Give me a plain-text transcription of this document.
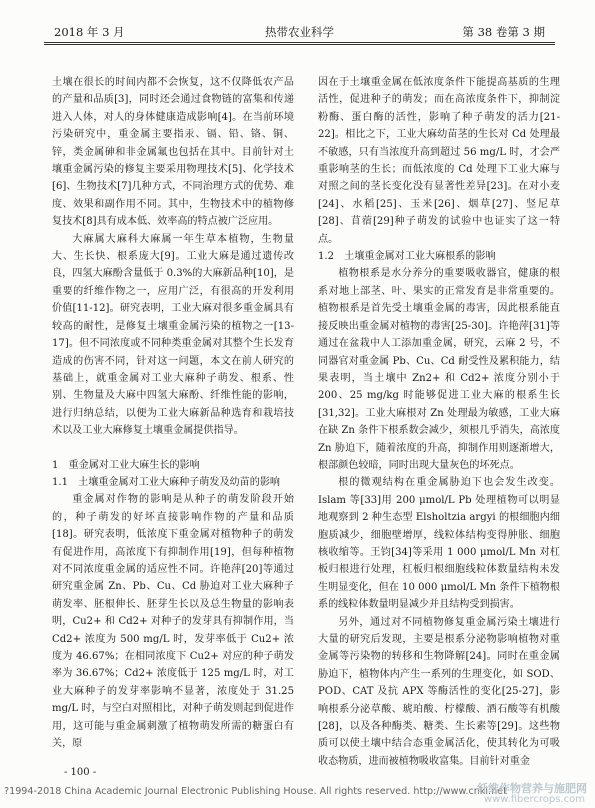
2018 年 3 月	热带农业科学	第 38 卷第 3 期

土壤在很长的时间内都不会恢复，这不仅降低农产品的产量和品质[3]，同时还会通过食物链的富集和传递进入人体，对人的身体健康造成影响[4]。在当前环境污染研究中，重金属主要指汞、镉、铅、铬、铜、锌，类金属砷和非金属氟也包括在其中。目前针对土壤重金属污染的修复主要采用物理技术[5]、化学技术[6]、生物技术[7]几种方式，不同治理方式的优势、难度、效果和副作用不同。其中，生物技术中的植物修复技术[8]具有成本低、效率高的特点被广泛应用。

大麻属大麻科大麻属一年生草本植物，生物量大、生长快、根系庞大[9]。工业大麻是通过遗传改良，四氢大麻酚含量低于 0.3%的大麻新品种[10]，是重要的纤维作物之一，应用广泛，有很高的开发利用价值[11-12]。研究表明，工业大麻对很多重金属具有较高的耐性，是修复土壤重金属污染的植物之一[13-17]。但不同浓度或不同种类重金属对其整个生长发育造成的伤害不同，针对这一问题，本文在前人研究的基础上，就重金属对工业大麻种子萌发、根系、性别、生物量及大麻中四氢大麻酚、纤维性能的影响，进行归纳总结，以便为工业大麻新品种选育和栽培技术以及工业大麻修复土壤重金属提供指导。

1　重金属对工业大麻生长的影响
1.1　土壤重金属对工业大麻种子萌发及幼苗的影响

重金属对作物的影响是从种子的萌发阶段开始的，种子萌发的好坏直接影响作物的产量和品质[18]。研究表明，低浓度下重金属对植物种子的萌发有促进作用，高浓度下有抑制作用[19]，但每种植物对不同浓度重金属的适应性不同。许艳萍[20]等通过研究重金属 Zn、Pb、Cu、Cd 胁迫对工业大麻种子萌发率、胚根伸长、胚芽生长以及总生物量的影响表明，Cu2+ 和 Cd2+ 对种子的发芽具有抑制作用，当 Cd2+ 浓度为 500 mg/L 时，发芽率低于 Cu2+ 浓度为 46.67%；在相同浓度下 Cu2+ 对应的种子萌发率为 36.67%；Cd2+ 浓度低于 125 mg/L 时，对工业大麻种子的发芽率影响不显著，浓度处于 31.25 mg/L 时，与空白对照相比，对种子萌发则起到促进作用，这可能与重金属刺激了植物萌发所需的糖蛋白有关，原

因在于土壤重金属在低浓度条件下能提高基质的生理活性，促进种子的萌发；而在高浓度条件下，抑制淀粉酶、蛋白酶的活性，影响了种子萌发的活力[21-22]。相比之下，工业大麻幼苗茎的生长对 Cd 处理最不敏感，只有当浓度升高到超过 56 mg/L 时，才会严重影响茎的生长；而低浓度的 Cd 处理下工业大麻与对照之间的茎长变化没有显著性差异[23]。在对小麦[24]、水稻[25]、玉米[26]、烟草[27]、竖尼草[28]、苜蓿[29]种子萌发的试验中也证实了这一特点。

1.2　土壤重金属对工业大麻根系的影响

植物根系是水分养分的重要吸收器官，健康的根系对地上部茎、叶、果实的正常发育是非常重要的。植物根系是首先受土壤重金属的毒害，因此根系能直接反映出重金属对植物的毒害[25-30]。许艳萍[31]等通过在盆栽中人工添加重金属，研究，云麻 2 号，不同器官对重金属 Pb、Cu、Cd 耐受性及累积能力，结果表明，当土壤中 Zn2+ 和 Cd2+ 浓度分别小于 200、25 mg/kg 时能够促进工业大麻的根系生长[31,32]。工业大麻根对 Zn 处理最为敏感，工业大麻在缺 Zn 条件下根系数会减少，须根几乎消失，高浓度 Zn 胁迫下，随着浓度的升高，抑制作用则逐渐增大，根部颜色较暗，同时出现大量灰色的坏死点。

根的微观结构在重金属胁迫下也会发生改变。Islam 等[33]用 200 μmol/L Pb 处理植物可以明显地观察到 2 种生态型 Elsholtzia argyi 的根细胞内细胞质减少，细胞壁增厚，线粒体结构变得肿胀、细胞核收缩等。王钧[34]等采用 1 000 μmol/L Mn 对杠板归根进行处理，杠板归根细胞线粒体数量结构未发生明显变化，但在 10 000 μmol/L Mn 条件下植物根系的线粒体数量明显减少并且结构受到损害。

另外，通过对不同植物修复重金属污染土壤进行大量的研究后发现，主要是根系分泌物影响植物对重金属等污染物的转移和生物降解[24]。同时在重金属胁迫下，植物体内产生一系列的生理变化，如 SOD、POD、CAT 及抗 APX 等酶活性的变化[25-27]，影响根系分泌草酸、琥珀酸、柠檬酸、酒石酸等有机酸[28]，以及各种酶类、糖类、生长素等[29]。这些物质可以使土壤中结合态重金属活化，使其转化为可吸收态物质，进而被植物吸收富集。目前针对重金

- 100 -
?1994-2018 China Academic Journal Electronic Publishing House. All rights reserved. http://www.cnki.net
纤维作物营养与施肥网
www.fibercrops.com
